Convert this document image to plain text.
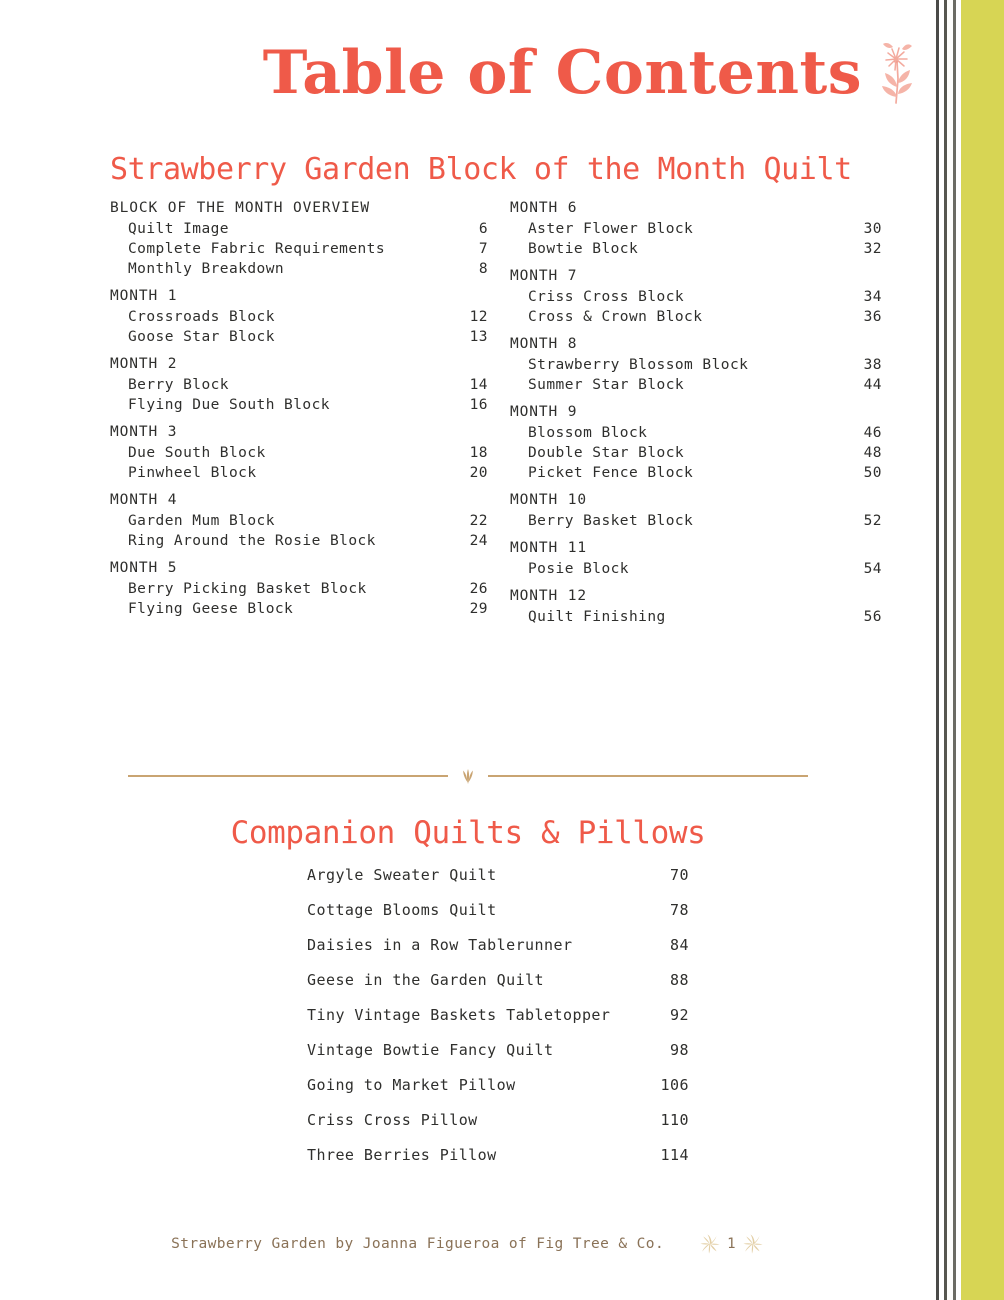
Table of Contents
Strawberry Garden Block of the Month Quilt
BLOCK OF THE MONTH OVERVIEW
Quilt Image	6
Complete Fabric Requirements	7
Monthly Breakdown	8
MONTH 1
Crossroads Block	12
Goose Star Block	13
MONTH 2
Berry Block	14
Flying Due South Block	16
MONTH 3
Due South Block	18
Pinwheel Block	20
MONTH 4
Garden Mum Block	22
Ring Around the Rosie Block	24
MONTH 5
Berry Picking Basket Block	26
Flying Geese Block	29
MONTH 6
Aster Flower Block	30
Bowtie Block	32
MONTH 7
Criss Cross Block	34
Cross & Crown Block	36
MONTH 8
Strawberry Blossom Block	38
Summer Star Block	44
MONTH 9
Blossom Block	46
Double Star Block	48
Picket Fence Block	50
MONTH 10
Berry Basket Block	52
MONTH 11
Posie Block	54
MONTH 12
Quilt Finishing	56
Companion Quilts & Pillows
Argyle Sweater Quilt	70
Cottage Blooms Quilt	78
Daisies in a Row Tablerunner	84
Geese in the Garden Quilt	88
Tiny Vintage Baskets Tabletopper	92
Vintage Bowtie Fancy Quilt	98
Going to Market Pillow	106
Criss Cross Pillow	110
Three Berries Pillow	114
Strawberry Garden by Joanna Figueroa of Fig Tree & Co.	1
